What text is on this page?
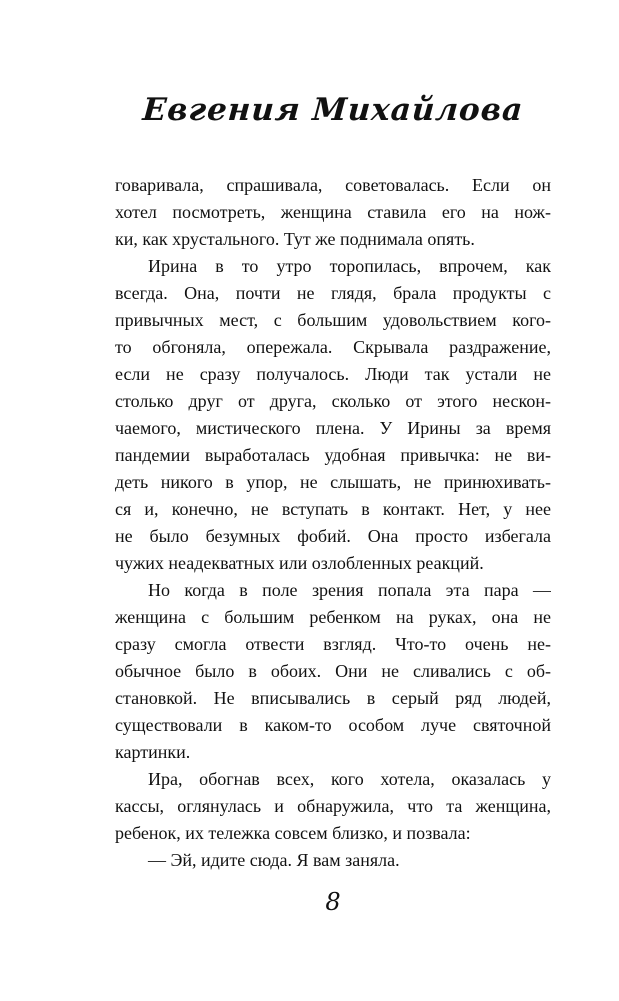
Евгения Михайлова
говаривала, спрашивала, советовалась. Если он
хотел посмотреть, женщина ставила его на нож-
ки, как хрустального. Тут же поднимала опять.
Ирина в то утро торопилась, впрочем, как
всегда. Она, почти не глядя, брала продукты с
привычных мест, с большим удовольствием кого-
то обгоняла, опережала. Скрывала раздражение,
если не сразу получалось. Люди так устали не
столько друг от друга, сколько от этого нескон-
чаемого, мистического плена. У Ирины за время
пандемии выработалась удобная привычка: не ви-
деть никого в упор, не слышать, не принюхивать-
ся и, конечно, не вступать в контакт. Нет, у нее
не было безумных фобий. Она просто избегала
чужих неадекватных или озлобленных реакций.
Но когда в поле зрения попала эта пара —
женщина с большим ребенком на руках, она не
сразу смогла отвести взгляд. Что-то очень не-
обычное было в обоих. Они не сливались с об-
становкой. Не вписывались в серый ряд людей,
существовали в каком-то особом луче святочной
картинки.
Ира, обогнав всех, кого хотела, оказалась у
кассы, оглянулась и обнаружила, что та женщина,
ребенок, их тележка совсем близко, и позвала:
— Эй, идите сюда. Я вам заняла.
8
